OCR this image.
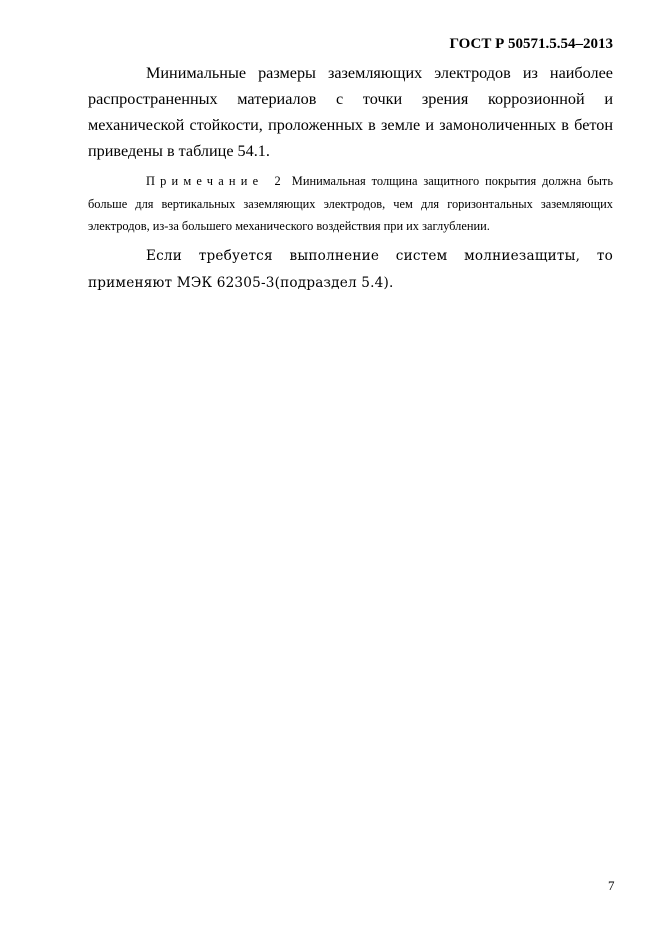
ГОСТ Р 50571.5.54‒2013

Минимальные размеры заземляющих электродов из наиболее распространенных материалов с точки зрения коррозионной и механической стойкости, проложенных в земле и замоноличенных в бетон приведены в таблице 54.1.

Примечание 2 Минимальная толщина защитного покрытия должна быть больше для вертикальных заземляющих электродов, чем для горизонтальных заземляющих электродов, из-за большего механического воздействия при их заглублении.

Если требуется выполнение систем молниезащиты, то применяют МЭК 62305-3(подраздел 5.4).

7
